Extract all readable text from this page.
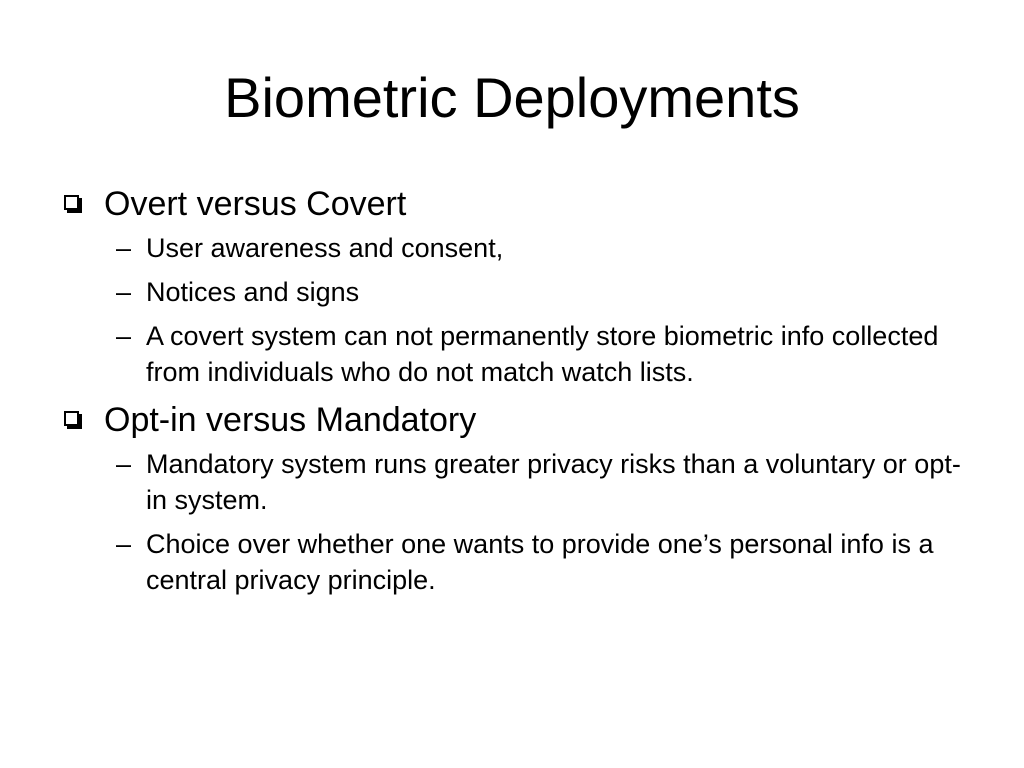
Biometric Deployments
Overt versus Covert
– User awareness and consent,
– Notices and signs
– A covert system can not permanently store biometric info collected from individuals who do not match watch lists.
Opt-in versus Mandatory
– Mandatory system runs greater privacy risks than a voluntary or opt-in system.
– Choice over whether one wants to provide one’s personal info is a central privacy principle.
